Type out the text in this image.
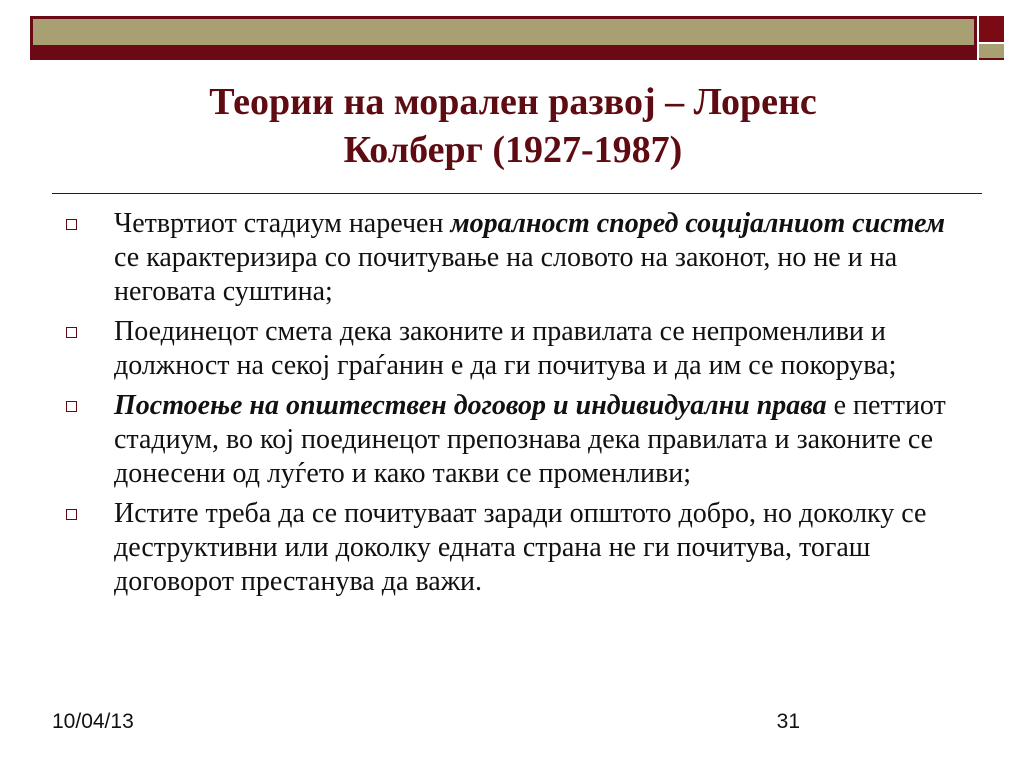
Теории на морален развој – Лоренс
Колберг (1927-1987)
Четвртиот стадиум наречен моралност според социјалниот систем се карактеризира со почитување на словото на законот, но не и на неговата суштина;
Поединецот смета дека законите и правилата се непроменливи и должност на секој граѓанин е да ги почитува и да им се покорува;
Постоење на општествен договор и индивидуални права е петтиот стадиум, во кој поединецот препознава дека правилата и законите се донесени од луѓето и како такви се променливи;
Истите треба да се почитуваат заради општото добро, но доколку се деструктивни или доколку едната страна не ги почитува, тогаш договорот престанува да важи.
10/04/13	31
